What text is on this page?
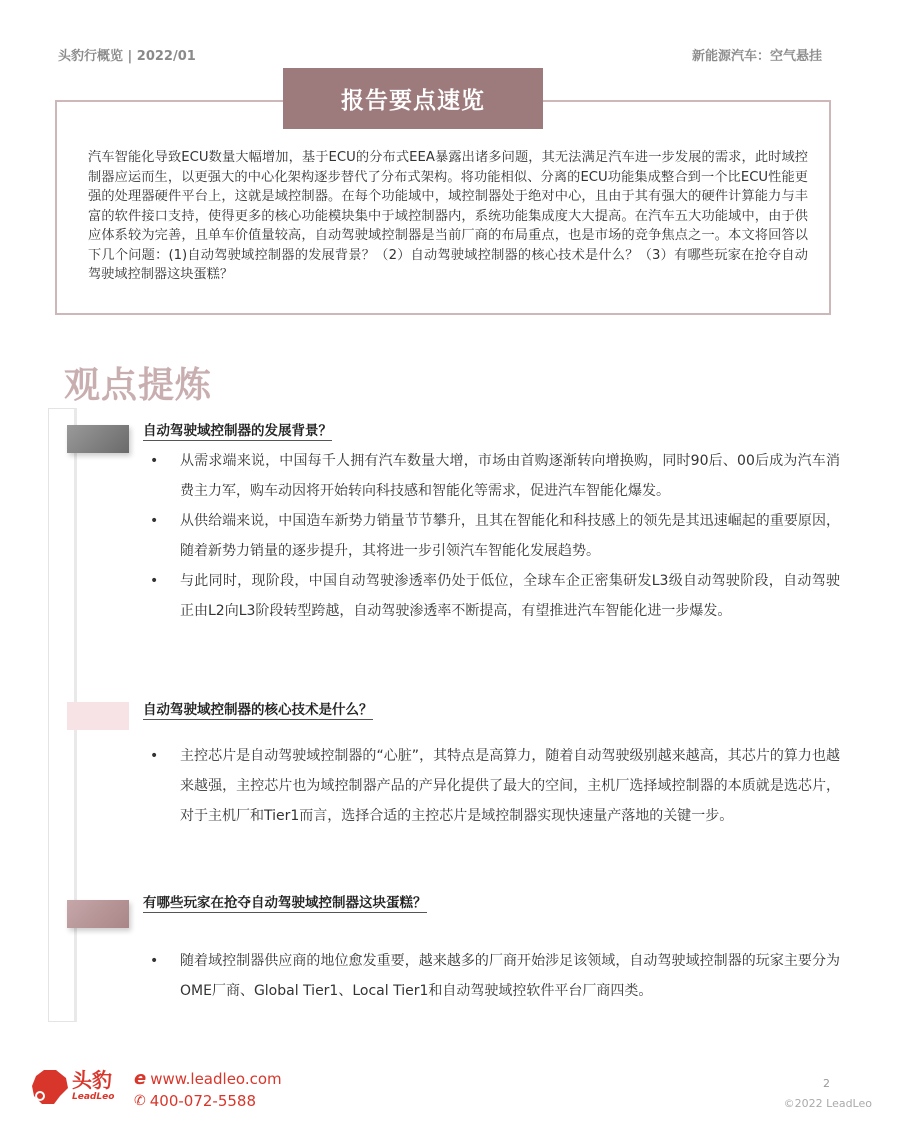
头豹行概览 | 2022/01	新能源汽车：空气悬挂
报告要点速览
汽车智能化导致ECU数量大幅增加，基于ECU的分布式EEA暴露出诸多问题，其无法满足汽车进一步发展的需求，此时域控制器应运而生，以更强大的中心化架构逐步替代了分布式架构。将功能相似、分离的ECU功能集成整合到一个比ECU性能更强的处理器硬件平台上，这就是域控制器。在每个功能域中，域控制器处于绝对中心，且由于其有强大的硬件计算能力与丰富的软件接口支持，使得更多的核心功能模块集中于域控制器内，系统功能集成度大大提高。在汽车五大功能域中，由于供应体系较为完善，且单车价值量较高，自动驾驶域控制器是当前厂商的布局重点，也是市场的竞争焦点之一。本文将回答以下几个问题：(1)自动驾驶域控制器的发展背景？（2）自动驾驶域控制器的核心技术是什么？（3）有哪些玩家在抢夺自动驾驶域控制器这块蛋糕？
观点提炼
自动驾驶域控制器的发展背景？
• 从需求端来说，中国每千人拥有汽车数量大增，市场由首购逐渐转向增换购，同时90后、00后成为汽车消费主力军，购车动因将开始转向科技感和智能化等需求，促进汽车智能化爆发。
• 从供给端来说，中国造车新势力销量节节攀升，且其在智能化和科技感上的领先是其迅速崛起的重要原因，随着新势力销量的逐步提升，其将进一步引领汽车智能化发展趋势。
• 与此同时，现阶段，中国自动驾驶渗透率仍处于低位，全球车企正密集研发L3级自动驾驶阶段，自动驾驶正由L2向L3阶段转型跨越，自动驾驶渗透率不断提高，有望推进汽车智能化进一步爆发。
自动驾驶域控制器的核心技术是什么？
• 主控芯片是自动驾驶域控制器的“心脏”，其特点是高算力，随着自动驾驶级别越来越高，其芯片的算力也越来越强，主控芯片也为域控制器产品的产异化提供了最大的空间，主机厂选择域控制器的本质就是选芯片，对于主机厂和Tier1而言，选择合适的主控芯片是域控制器实现快速量产落地的关键一步。
有哪些玩家在抢夺自动驾驶域控制器这块蛋糕？
• 随着域控制器供应商的地位愈发重要，越来越多的厂商开始涉足该领域，自动驾驶域控制器的玩家主要分为OME厂商、Global Tier1、Local Tier1和自动驾驶域控软件平台厂商四类。
头豹
LeadLeo
e www.leadleo.com
✆ 400-072-5588
2
©2022 LeadLeo
